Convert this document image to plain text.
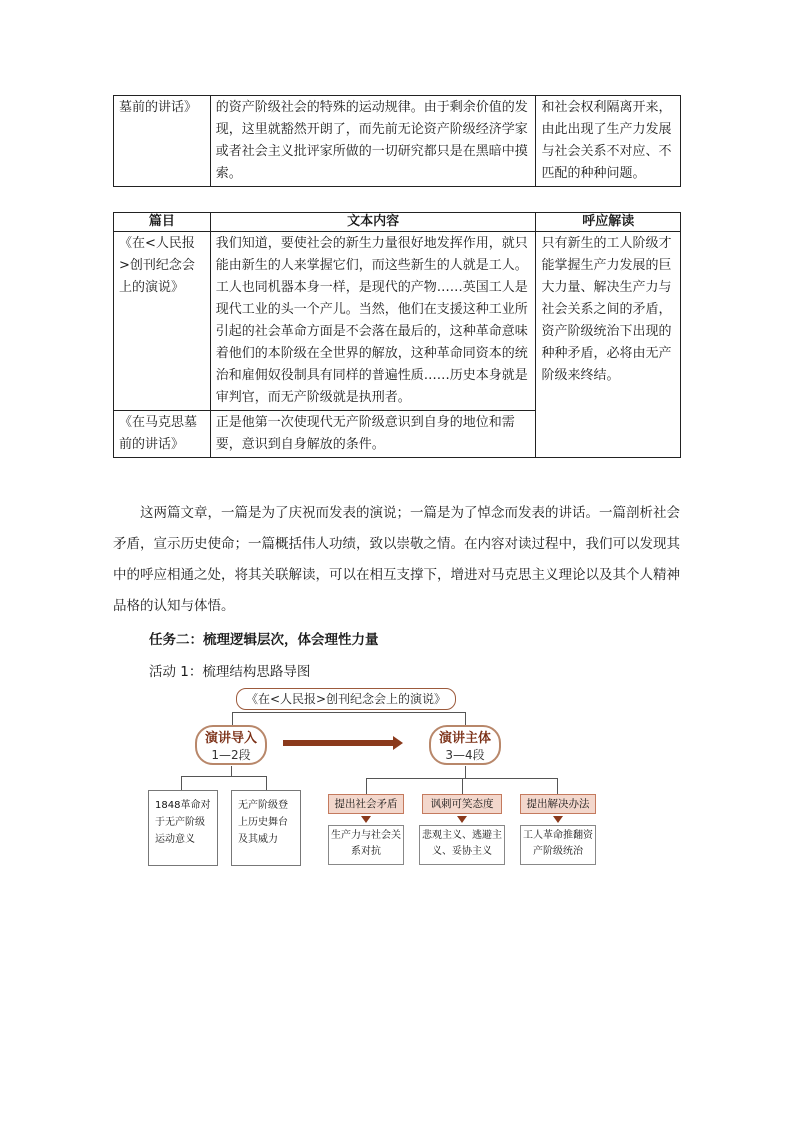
墓前的讲话》	的资产阶级社会的特殊的运动规律。由于剩余价值的发现，这里就豁然开朗了，而先前无论资产阶级经济学家或者社会主义批评家所做的一切研究都只是在黑暗中摸索。	和社会权利隔离开来，由此出现了生产力发展与社会关系不对应、不匹配的种种问题。
篇目	文本内容	呼应解读
《在<人民报>创刊纪念会上的演说》	我们知道，要使社会的新生力量很好地发挥作用，就只能由新生的人来掌握它们，而这些新生的人就是工人。工人也同机器本身一样，是现代的产物……英国工人是现代工业的头一个产儿。当然，他们在支援这种工业所引起的社会革命方面是不会落在最后的，这种革命意味着他们的本阶级在全世界的解放，这种革命同资本的统治和雇佣奴役制具有同样的普遍性质……历史本身就是审判官，而无产阶级就是执刑者。	只有新生的工人阶级才能掌握生产力发展的巨大力量、解决生产力与社会关系之间的矛盾，资产阶级统治下出现的种种矛盾，必将由无产阶级来终结。
《在马克思墓前的讲话》	正是他第一次使现代无产阶级意识到自身的地位和需要，意识到自身解放的条件。	

这两篇文章，一篇是为了庆祝而发表的演说；一篇是为了悼念而发表的讲话。一篇剖析社会矛盾，宣示历史使命；一篇概括伟人功绩，致以崇敬之情。在内容对读过程中，我们可以发现其中的呼应相通之处，将其关联解读，可以在相互支撑下，增进对马克思主义理论以及其个人精神品格的认知与体悟。

任务二：梳理逻辑层次，体会理性力量
活动 1：梳理结构思路导图
《在<人民报>创刊纪念会上的演说》
演讲导入
1—2段
演讲主体
3—4段
1848革命对于无产阶级运动意义
无产阶级登上历史舞台及其威力
提出社会矛盾	讽刺可笑态度	提出解决办法
生产力与社会关系对抗
悲观主义、逃避主义、妥协主义
工人革命推翻资产阶级统治
